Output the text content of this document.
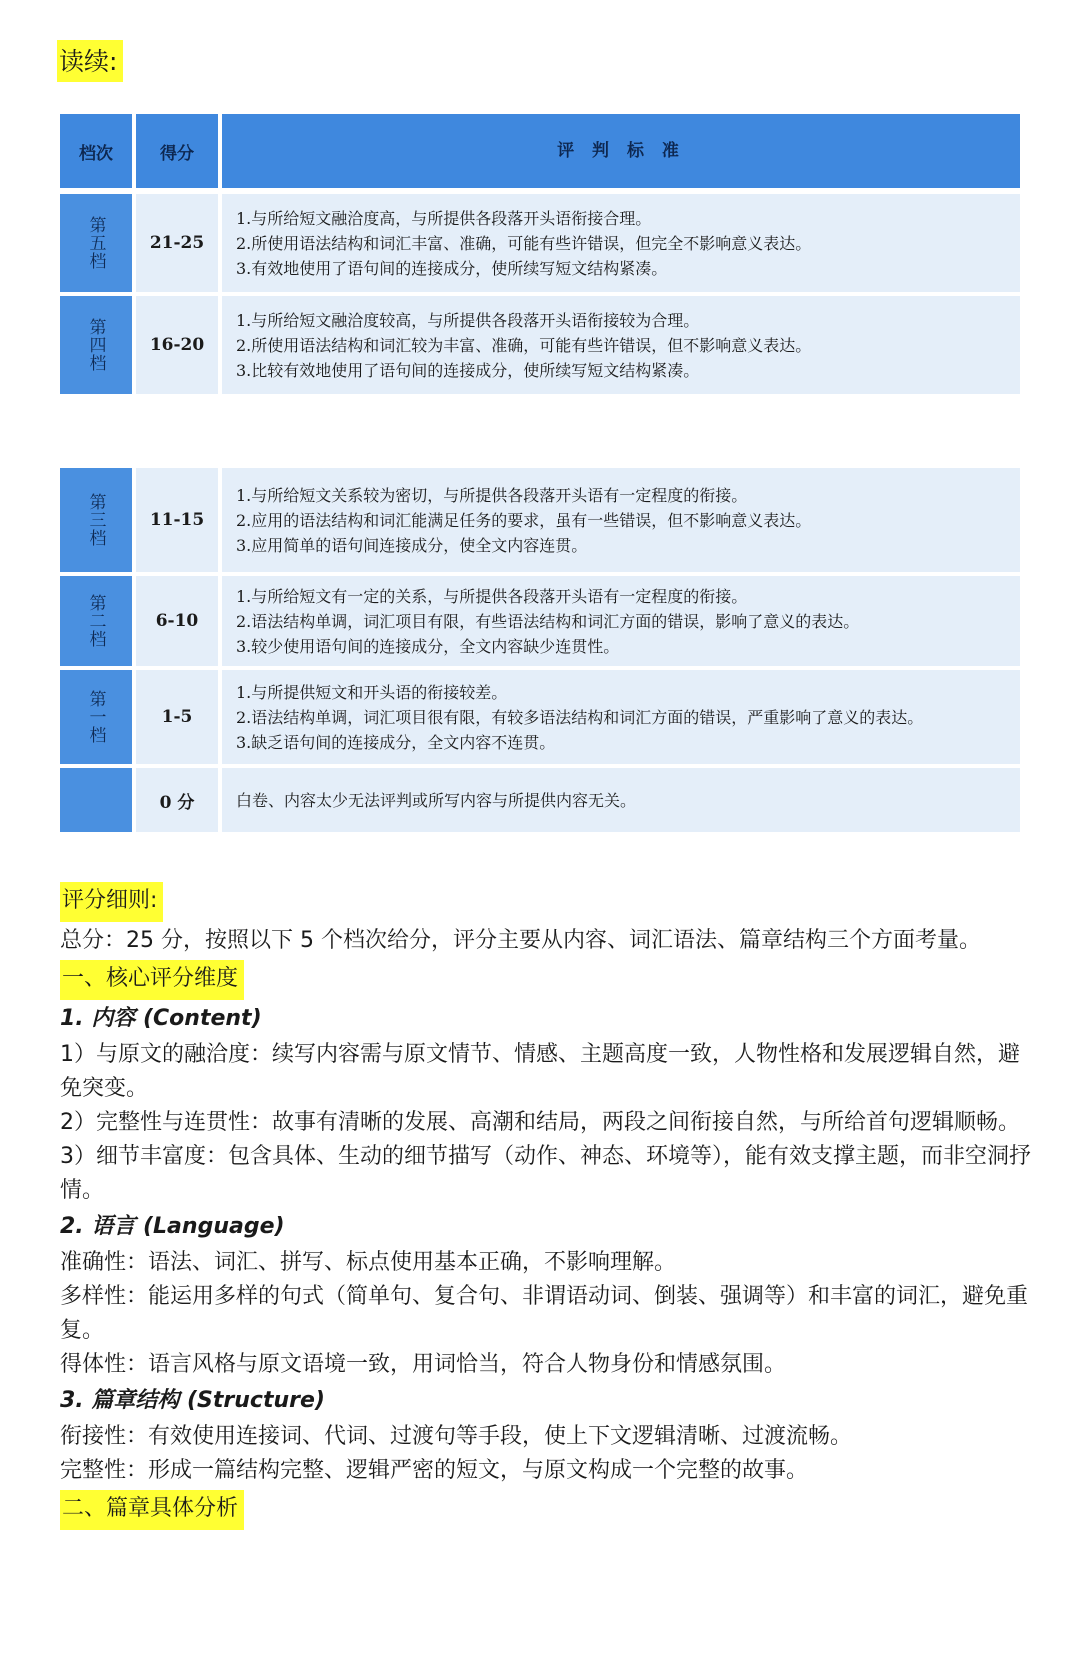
读续:
档次	得分	评 判 标 准
第五档	21-25
1.与所给短文融洽度高，与所提供各段落开头语衔接合理。
2.所使用语法结构和词汇丰富、准确，可能有些许错误，但完全不影响意义表达。
3.有效地使用了语句间的连接成分，使所续写短文结构紧凑。
第四档	16-20
1.与所给短文融洽度较高，与所提供各段落开头语衔接较为合理。
2.所使用语法结构和词汇较为丰富、准确，可能有些许错误，但不影响意义表达。
3.比较有效地使用了语句间的连接成分，使所续写短文结构紧凑。
第三档	11-15
1.与所给短文关系较为密切，与所提供各段落开头语有一定程度的衔接。
2.应用的语法结构和词汇能满足任务的要求，虽有一些错误，但不影响意义表达。
3.应用简单的语句间连接成分，使全文内容连贯。
第二档	6-10
1.与所给短文有一定的关系，与所提供各段落开头语有一定程度的衔接。
2.语法结构单调，词汇项目有限，有些语法结构和词汇方面的错误，影响了意义的表达。
3.较少使用语句间的连接成分，全文内容缺少连贯性。
第一档	1-5
1.与所提供短文和开头语的衔接较差。
2.语法结构单调，词汇项目很有限，有较多语法结构和词汇方面的错误，严重影响了意义的表达。
3.缺乏语句间的连接成分，全文内容不连贯。
0 分	白卷、内容太少无法评判或所写内容与所提供内容无关。
评分细则:

总分：25 分，按照以下 5 个档次给分，评分主要从内容、词汇语法、篇章结构三个方面考量。

一、核心评分维度
1. 内容 (Content)

1）与原文的融洽度：续写内容需与原文情节、情感、主题高度一致，人物性格和发展逻辑自然，避免突变。

2）完整性与连贯性：故事有清晰的发展、高潮和结局，两段之间衔接自然，与所给首句逻辑顺畅。

3）细节丰富度：包含具体、生动的细节描写（动作、神态、环境等），能有效支撑主题，而非空洞抒情。

2. 语言 (Language)

准确性：语法、词汇、拼写、标点使用基本正确，不影响理解。

多样性：能运用多样的句式（简单句、复合句、非谓语动词、倒装、强调等）和丰富的词汇，避免重复。

得体性：语言风格与原文语境一致，用词恰当，符合人物身份和情感氛围。

3. 篇章结构 (Structure)

衔接性：有效使用连接词、代词、过渡句等手段，使上下文逻辑清晰、过渡流畅。

完整性：形成一篇结构完整、逻辑严密的短文，与原文构成一个完整的故事。

二、篇章具体分析
